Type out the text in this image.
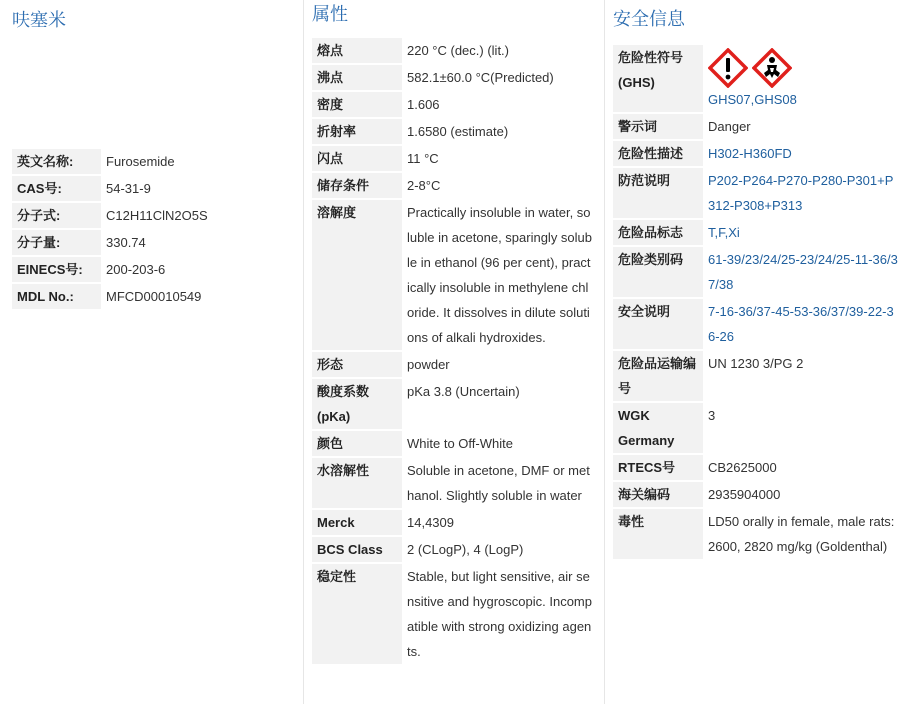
呋塞米
英文名称:	Furosemide
CAS号:	54-31-9
分子式:	C12H11ClN2O5S
分子量:	330.74
EINECS号:	200-203-6
MDL No.:	MFCD00010549
属性
熔点	220 °C (dec.) (lit.)
沸点	582.1±60.0 °C(Predicted)
密度	1.606
折射率	1.6580 (estimate)
闪点	11 °C
储存条件	2-8°C
溶解度	Practically insoluble in water, soluble in acetone, sparingly soluble in ethanol (96 per cent), practically insoluble in methylene chloride. It dissolves in dilute solutions of alkali hydroxides.
形态	powder
酸度系数(pKa)	pKa 3.8 (Uncertain)
颜色	White to Off-White
水溶解性	Soluble in acetone, DMF or methanol. Slightly soluble in water
Merck	14,4309
BCS Class	2 (CLogP), 4 (LogP)
稳定性	Stable, but light sensitive, air sensitive and hygroscopic. Incompatible with strong oxidizing agents.
安全信息
危险性符号(GHS)	GHS07,GHS08

警示词	Danger
危险性描述	H302-H360FD
防范说明	P202-P264-P270-P280-P301+P312-P308+P313
危险品标志	T,F,Xi
危险类别码	61-39/23/24/25-23/24/25-11-36/37/38
安全说明	7-16-36/37-45-53-36/37/39-22-36-26
危险品运输编号	UN 1230 3/PG 2
WGK Germany	3
RTECS号	CB2625000
海关编码	2935904000
毒性	LD50 orally in female, male rats: 2600, 2820 mg/kg (Goldenthal)
